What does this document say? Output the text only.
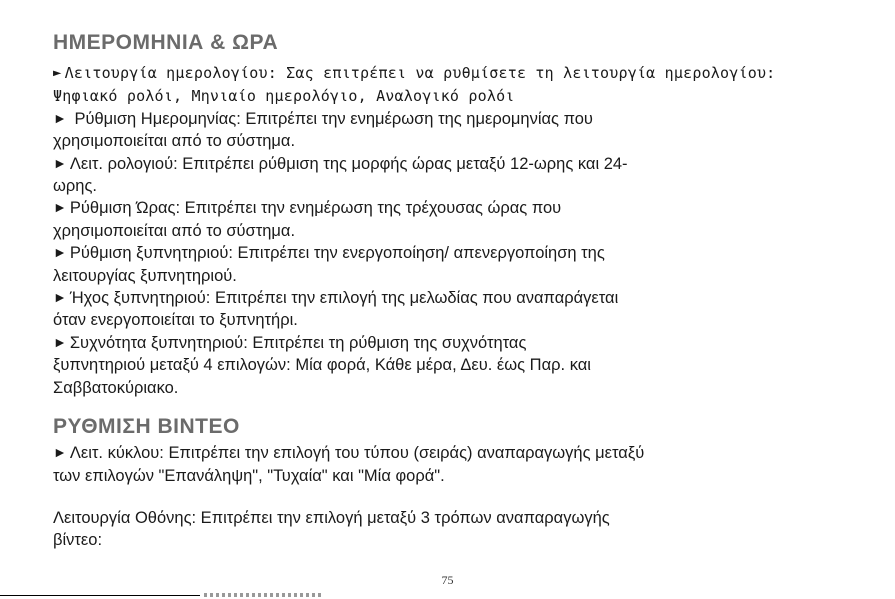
ΗΜΕΡΟΜΗΝΙΑ & ΩΡΑ

► Λειτουργία ημερολογίου: Σας επιτρέπει να ρυθμίσετε τη λειτουργία ημερολογίου:
Ψηφιακό ρολόι, Μηνιαίο ημερολόγιο, Αναλογικό ρολόι

► Ρύθμιση Ημερομηνίας: Επιτρέπει την ενημέρωση της ημερομηνίας που
χρησιμοποιείται από το σύστημα.

► Λειτ. ρολογιού: Επιτρέπει ρύθμιση της μορφής ώρας μεταξύ 12-ωρης και 24-
ωρης.

► Ρύθμιση Ώρας: Επιτρέπει την ενημέρωση της τρέχουσας ώρας που
χρησιμοποιείται από το σύστημα.

► Ρύθμιση ξυπνητηριού: Επιτρέπει την ενεργοποίηση/ απενεργοποίηση της
λειτουργίας ξυπνητηριού.

► Ήχος ξυπνητηριού: Επιτρέπει την επιλογή της μελωδίας που αναπαράγεται
όταν ενεργοποιείται το ξυπνητήρι.

► Συχνότητα ξυπνητηριού: Επιτρέπει τη ρύθμιση της συχνότητας
ξυπνητηριού μεταξύ 4 επιλογών: Μία φορά, Κάθε μέρα, Δευ. έως Παρ. και
Σαββατοκύριακο.

ΡΥΘΜΙΣΗ ΒΙΝΤΕΟ

► Λειτ. κύκλου: Επιτρέπει την επιλογή του τύπου (σειράς) αναπαραγωγής μεταξύ
των επιλογών "Επανάληψη", "Τυχαία" και "Μία φορά".

Λειτουργία Οθόνης: Επιτρέπει την επιλογή μεταξύ 3 τρόπων αναπαραγωγής
βίντεο:

75
